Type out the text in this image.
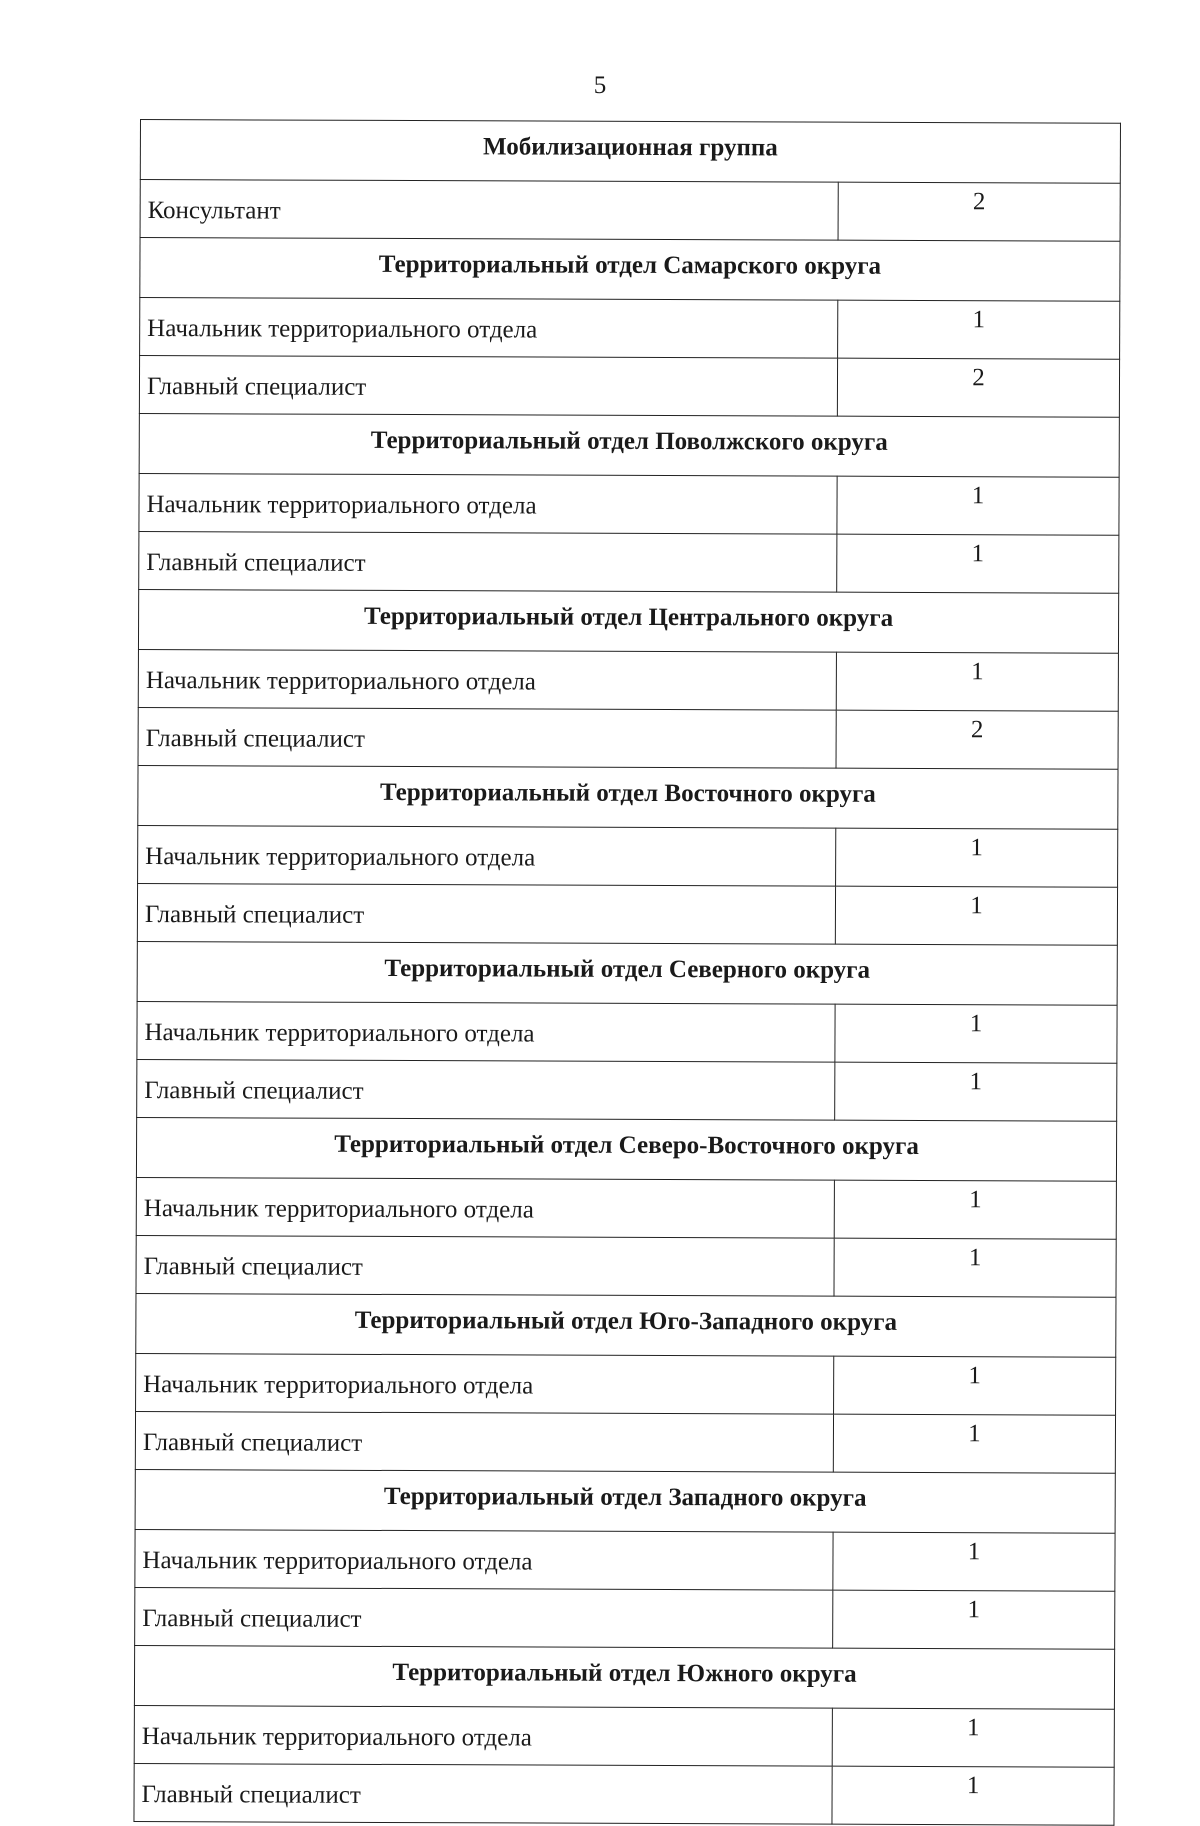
5
Мобилизационная группа	
Консультант	2
Территориальный отдел Самарского округа	
Начальник территориального отдела	1
Главный специалист	2
Территориальный отдел Поволжского округа	
Начальник территориального отдела	1
Главный специалист	1
Территориальный отдел Центрального округа	
Начальник территориального отдела	1
Главный специалист	2
Территориальный отдел Восточного округа	
Начальник территориального отдела	1
Главный специалист	1
Территориальный отдел Северного округа	
Начальник территориального отдела	1
Главный специалист	1
Территориальный отдел Северо-Восточного округа	
Начальник территориального отдела	1
Главный специалист	1
Территориальный отдел Юго-Западного округа	
Начальник территориального отдела	1
Главный специалист	1
Территориальный отдел Западного округа	
Начальник территориального отдела	1
Главный специалист	1
Территориальный отдел Южного округа	
Начальник территориального отдела	1
Главный специалист	1
